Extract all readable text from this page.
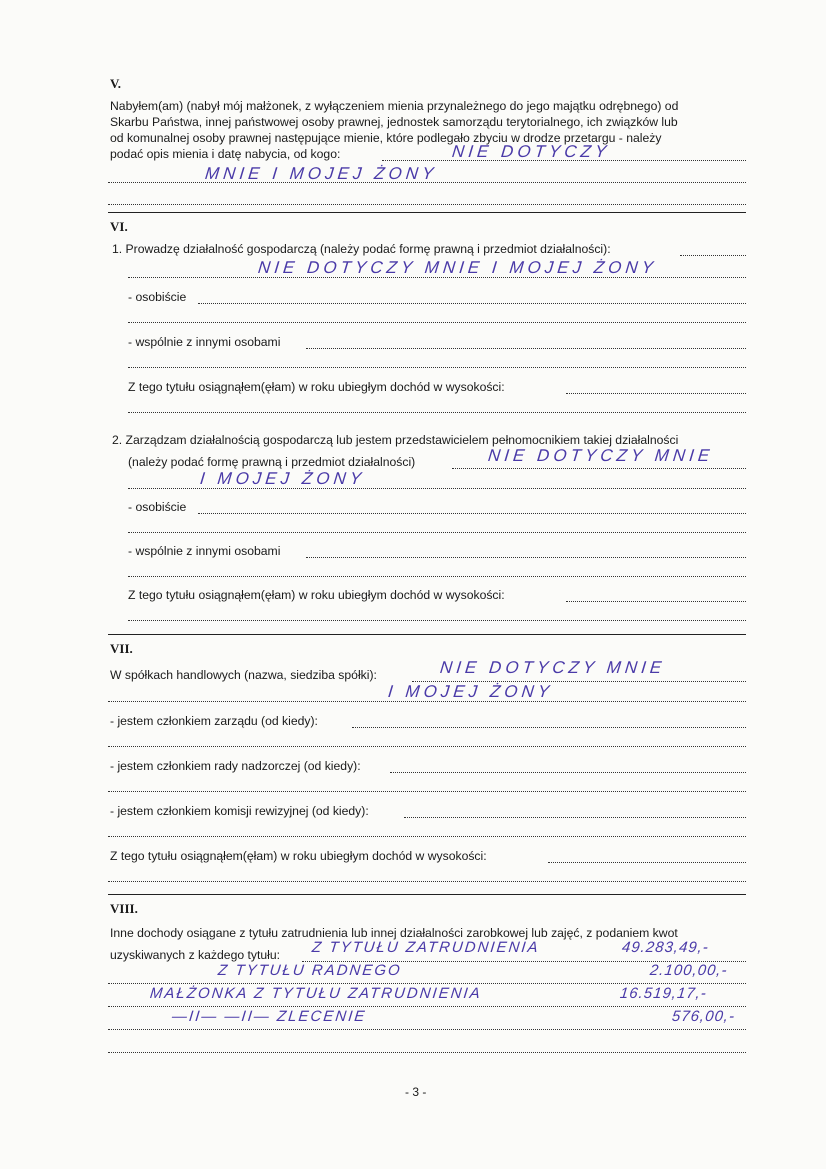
V.
Nabyłem(am) (nabył mój małżonek, z wyłączeniem mienia przynależnego do jego majątku odrębnego) od
Skarbu Państwa, innej państwowej osoby prawnej, jednostek samorządu terytorialnego, ich związków lub
od komunalnej osoby prawnej następujące mienie, które podlegało zbyciu w drodze przetargu - należy
podać opis mienia i datę nabycia, od kogo:	NIE DOTYCZY
MNIE I MOJEJ ŻONY
VI.
1. Prowadzę działalność gospodarczą (należy podać formę prawną i przedmiot działalności):
NIE DOTYCZY MNIE I MOJEJ ŻONY
- osobiście
- wspólnie z innymi osobami
Z tego tytułu osiągnąłem(ęłam) w roku ubiegłym dochód w wysokości:
2. Zarządzam działalnością gospodarczą lub jestem przedstawicielem pełnomocnikiem takiej działalności
(należy podać formę prawną i przedmiot działalności)	NIE DOTYCZY MNIE
I MOJEJ ŻONY
- osobiście
- wspólnie z innymi osobami
Z tego tytułu osiągnąłem(ęłam) w roku ubiegłym dochód w wysokości:
VII.
W spółkach handlowych (nazwa, siedziba spółki):	NIE DOTYCZY MNIE
I MOJEJ ŻONY
- jestem członkiem zarządu (od kiedy):
- jestem członkiem rady nadzorczej (od kiedy):
- jestem członkiem komisji rewizyjnej (od kiedy):
Z tego tytułu osiągnąłem(ęłam) w roku ubiegłym dochód w wysokości:
VIII.
Inne dochody osiągane z tytułu zatrudnienia lub innej działalności zarobkowej lub zajęć, z podaniem kwot
uzyskiwanych z każdego tytułu: Z TYTUŁU ZATRUDNIENIA	49.283,49,-
Z TYTUŁU RADNEGO	2.100,00,-
MAŁŻONKA Z TYTUŁU ZATRUDNIENIA	16.519,17,-
—II— —II— ZLECENIE	576,00,-
- 3 -
